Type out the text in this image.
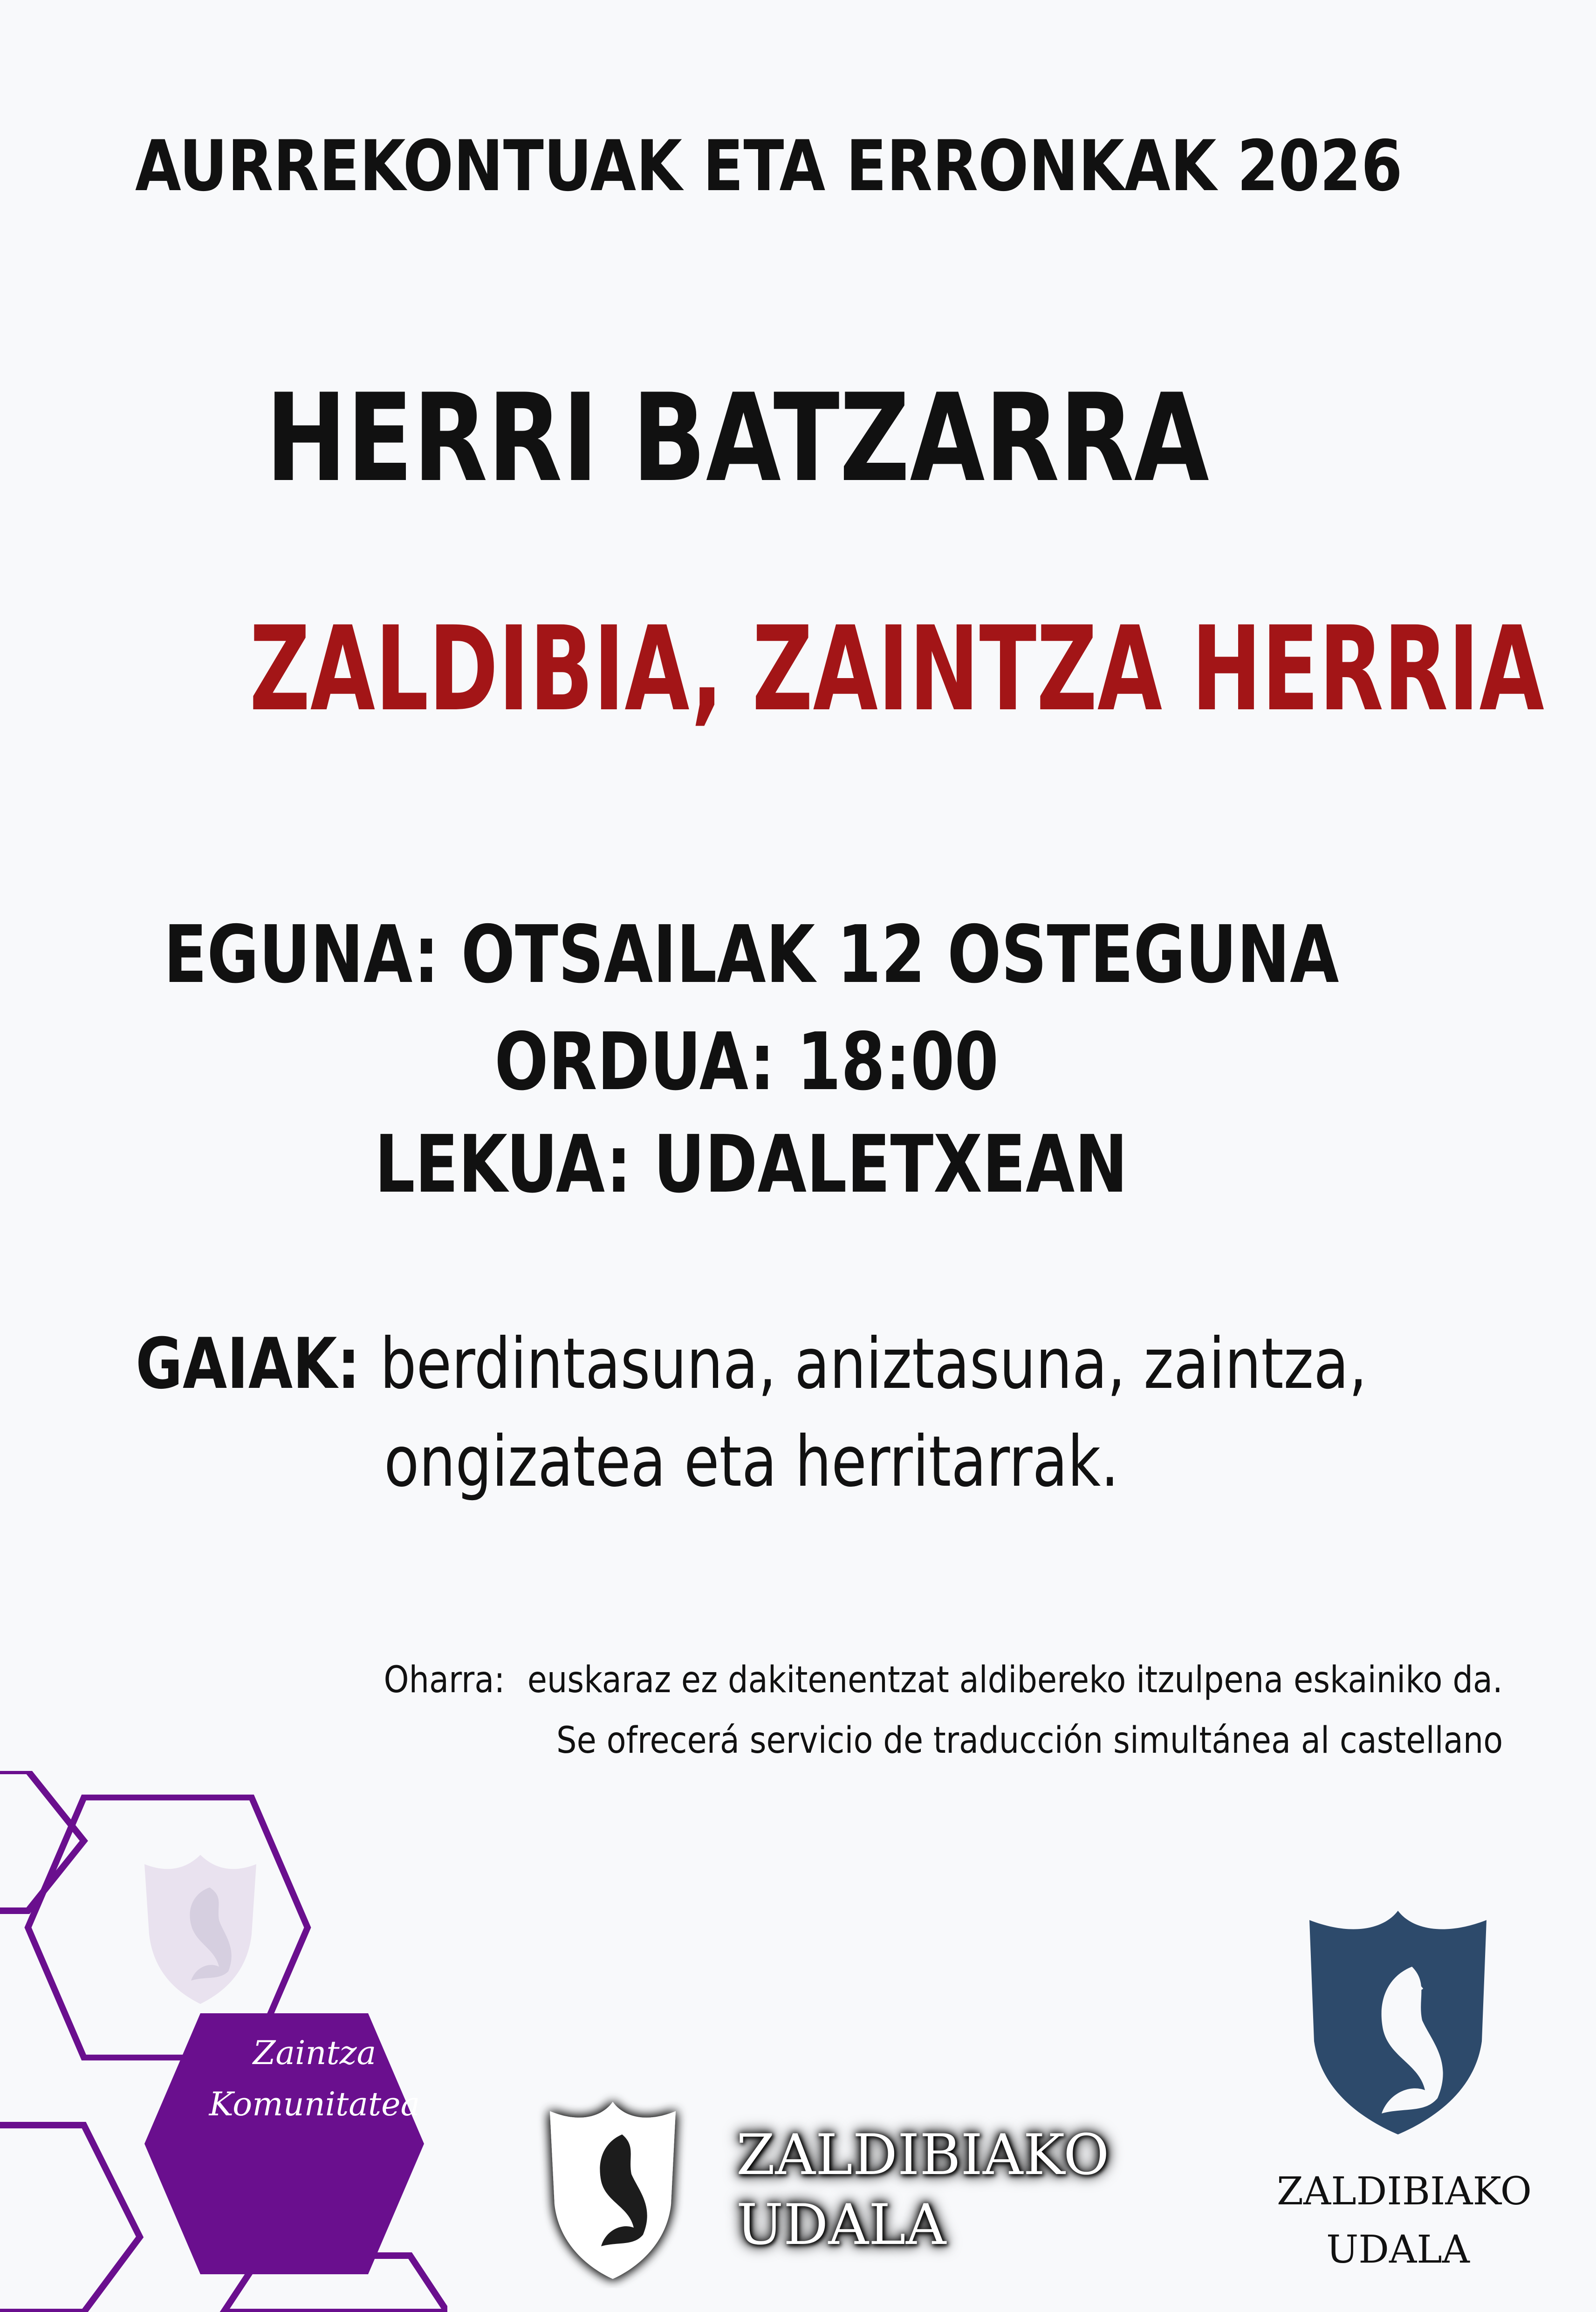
AURREKONTUAK ETA ERRONKAK 2026

HERRI BATZARRA

ZALDIBIA, ZAINTZA HERRIA

EGUNA: OTSAILAK 12 OSTEGUNA

ORDUA: 18:00

LEKUA: UDALETXEAN

GAIAK: berdintasuna, aniztasuna, zaintza,

ongizatea eta herritarrak.

Oharra: euskaraz ez dakitenentzat aldibereko itzulpena eskainiko da.

Se ofrecerá servicio de traducción simultánea al castellano

Zaintza
Komunitatea
ZALDIBIAKO
UDALA
ZALDIBIAKO
UDALA
